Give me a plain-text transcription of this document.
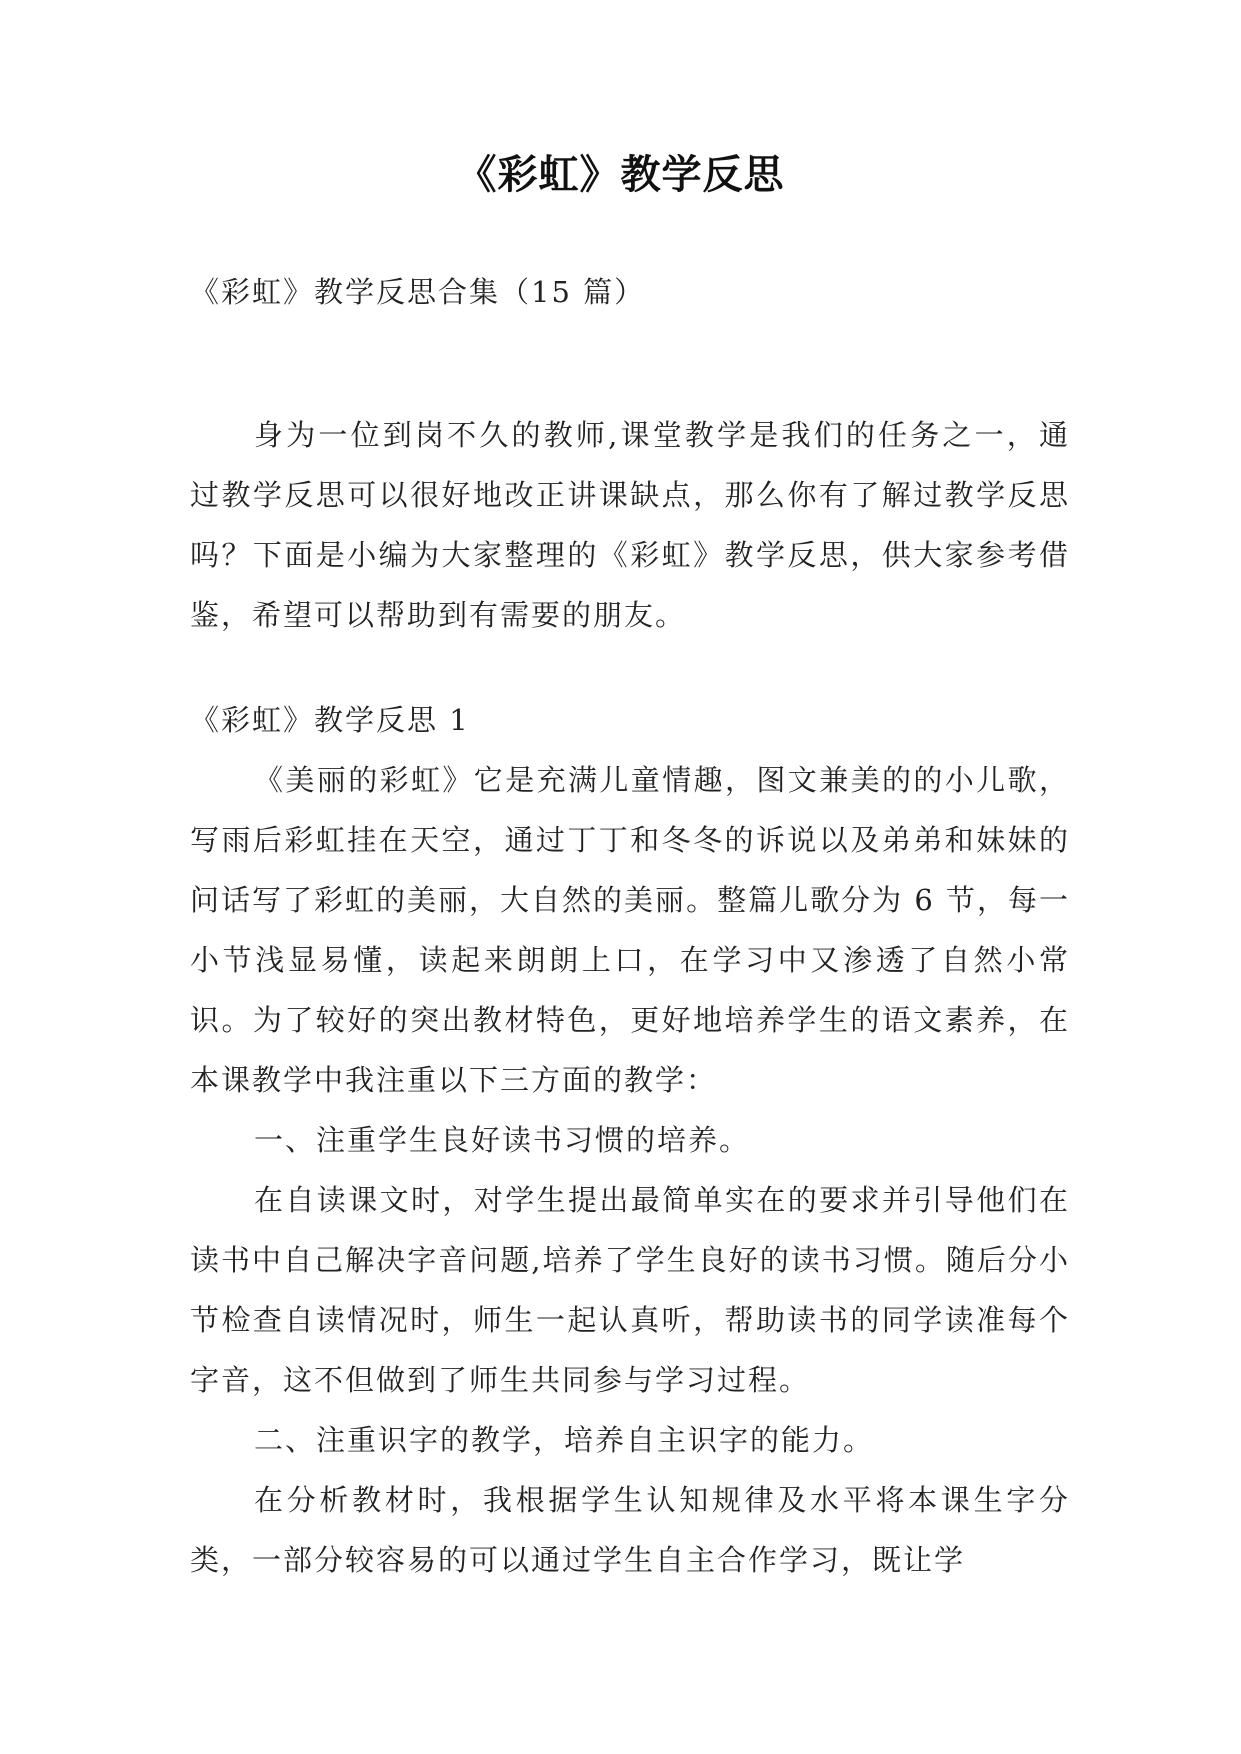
《彩虹》教学反思

《彩虹》教学反思合集（15 篇）

身为一位到岗不久的教师,课堂教学是我们的任务之一，通过教学反思可以很好地改正讲课缺点，那么你有了解过教学反思吗？下面是小编为大家整理的《彩虹》教学反思，供大家参考借鉴，希望可以帮助到有需要的朋友。

《彩虹》教学反思 1

《美丽的彩虹》它是充满儿童情趣，图文兼美的的小儿歌，写雨后彩虹挂在天空，通过丁丁和冬冬的诉说以及弟弟和妹妹的问话写了彩虹的美丽，大自然的美丽。整篇儿歌分为 6 节，每一小节浅显易懂，读起来朗朗上口，在学习中又渗透了自然小常识。为了较好的突出教材特色，更好地培养学生的语文素养，在本课教学中我注重以下三方面的教学：

一、注重学生良好读书习惯的培养。

在自读课文时，对学生提出最简单实在的要求并引导他们在读书中自己解决字音问题,培养了学生良好的读书习惯。随后分小节检查自读情况时，师生一起认真听，帮助读书的同学读准每个字音，这不但做到了师生共同参与学习过程。

二、注重识字的教学，培养自主识字的能力。

在分析教材时，我根据学生认知规律及水平将本课生字分类，一部分较容易的可以通过学生自主合作学习，既让学
